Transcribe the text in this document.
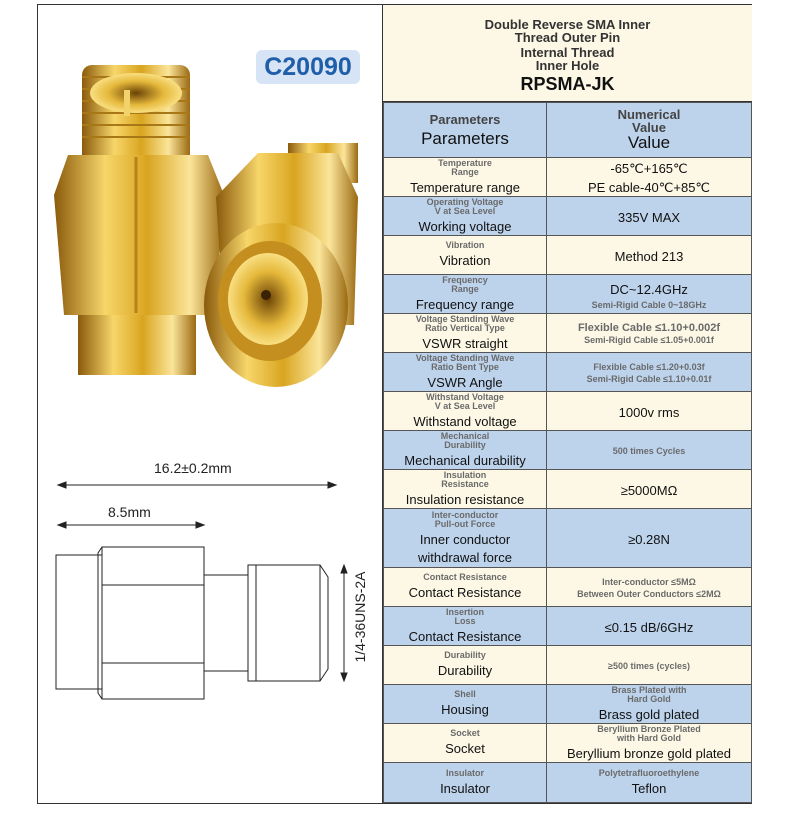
C20090
16.2±0.2mm
8.5mm
1/4-36UNS-2A
Double Reverse SMA Inner
Thread Outer Pin
Internal Thread
Inner Hole
RPSMA-JK
Parameters
Parameters	Numerical Value
Value

Temperature
Range
Temperature range	-65℃+165℃
PE cable-40℃+85℃

Operating Voltage
V at Sea Level
Working voltage	335V MAX

Vibration
Vibration	Method 213

Frequency
Range
Frequency range	DC~12.4GHz
Semi-Rigid Cable 0~18GHz

Voltage Standing Wave
Ratio Vertical Type
VSWR straight	Flexible Cable ≤1.10+0.002f
Semi-Rigid Cable ≤1.05+0.001f

Voltage Standing Wave
Ratio Bent Type
VSWR Angle	Flexible Cable ≤1.20+0.03f
Semi-Rigid Cable ≤1.10+0.01f

Withstand Voltage
V at Sea Level
Withstand voltage	1000v rms

Mechanical
Durability
Mechanical durability	500 times Cycles

Insulation
Resistance
Insulation resistance	≥5000MΩ

Inter-conductor
Pull-out Force
Inner conductor
withdrawal force	≥0.28N

Contact Resistance
Contact Resistance	Inter-conductor ≤5MΩ
Between Outer Conductors ≤2MΩ

Insertion
Loss
Contact Resistance	≤0.15 dB/6GHz

Durability
Durability	≥500 times (cycles)

Shell
Housing	Brass Plated with
Hard Gold
Brass gold plated

Socket
Socket	Beryllium Bronze Plated
with Hard Gold
Beryllium bronze gold plated

Insulator
Insulator	Polytetrafluoroethylene
Teflon
